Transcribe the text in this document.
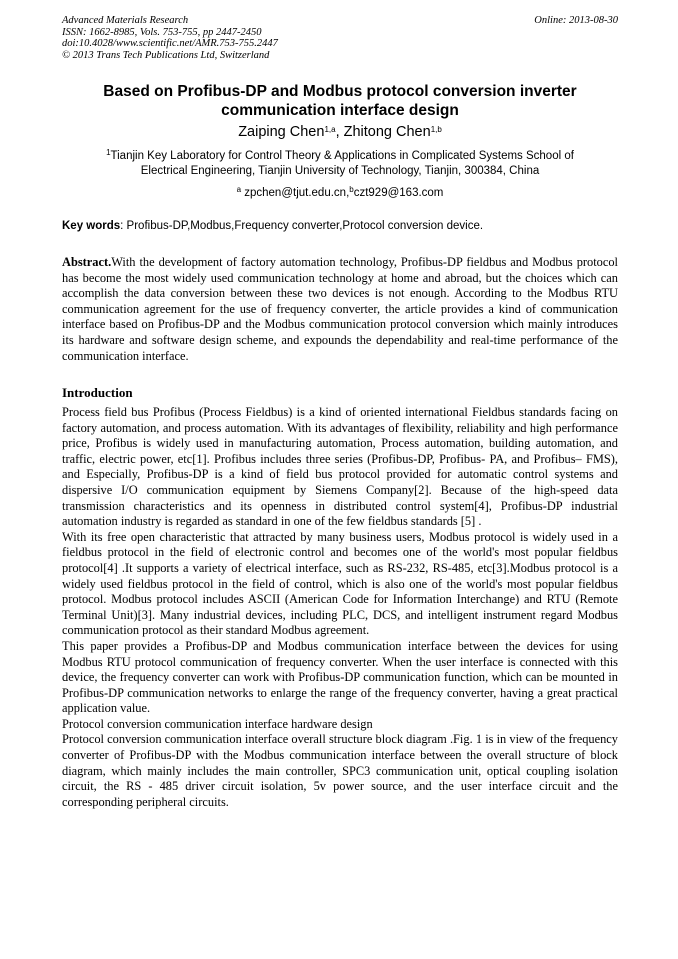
Advanced Materials Research
ISSN: 1662-8985, Vols. 753-755, pp 2447-2450
doi:10.4028/www.scientific.net/AMR.753-755.2447
© 2013 Trans Tech Publications Ltd, Switzerland
Online: 2013-08-30
Based on Profibus-DP and Modbus protocol conversion inverter
communication interface design
Zaiping Chen$^{1,a}$, Zhitong Chen$^{1,b}$
$^1$Tianjin Key Laboratory for Control Theory & Applications in Complicated Systems School of
Electrical Engineering, Tianjin University of Technology, Tianjin, 300384, China
$^a$ zpchen@tjut.edu.cn,$^b$czt929@163.com
Key words: Profibus-DP,Modbus,Frequency converter,Protocol conversion device.
Abstract.With the development of factory automation technology, Profibus-DP fieldbus and Modbus protocol has become the most widely used communication technology at home and abroad, but the choices which can accomplish the data conversion between these two devices is not enough. According to the Modbus RTU communication agreement for the use of frequency converter, the article provides a kind of communication interface based on Profibus-DP and the Modbus communication protocol conversion which mainly introduces its hardware and software design scheme, and expounds the dependability and real-time performance of the communication interface.
Introduction

Process field bus Profibus (Process Fieldbus) is a kind of oriented international Fieldbus standards facing on factory automation, and process automation. With its advantages of flexibility, reliability and high performance price, Profibus is widely used in manufacturing automation, Process automation, building automation, and traffic, electric power, etc[1]. Profibus includes three series (Profibus-DP, Profibus- PA, and Profibus– FMS), and Especially, Profibus-DP is a kind of field bus protocol provided for automatic control systems and dispersive I/O communication equipment by Siemens Company[2]. Because of the high-speed data transmission characteristics and its openness in distributed control system[4], Profibus-DP industrial automation industry is regarded as standard in one of the few fieldbus standards [5] .

With its free open characteristic that attracted by many business users, Modbus protocol is widely used in a fieldbus protocol in the field of electronic control and becomes one of the world's most popular fieldbus protocol[4] .It supports a variety of electrical interface, such as RS-232, RS-485, etc[3].Modbus protocol is a widely used fieldbus protocol in the field of control, which is also one of the world's most popular fieldbus protocol. Modbus protocol includes ASCII (American Code for Information Interchange) and RTU (Remote Terminal Unit)[3]. Many industrial devices, including PLC, DCS, and intelligent instrument regard Modbus communication protocol as their standard Modbus agreement.

This paper provides a Profibus-DP and Modbus communication interface between the devices for using Modbus RTU protocol communication of frequency converter. When the user interface is connected with this device, the frequency converter can work with Profibus-DP communication function, which can be mounted in Profibus-DP communication networks to enlarge the range of the frequency converter, having a great practical application value.

Protocol conversion communication interface hardware design

Protocol conversion communication interface overall structure block diagram .Fig. 1 is in view of the frequency converter of Profibus-DP with the Modbus communication interface between the overall structure of block diagram, which mainly includes the main controller, SPC3 communication unit, optical coupling isolation circuit, the RS - 485 driver circuit isolation, 5v power source, and the user interface circuit and the corresponding peripheral circuits.
